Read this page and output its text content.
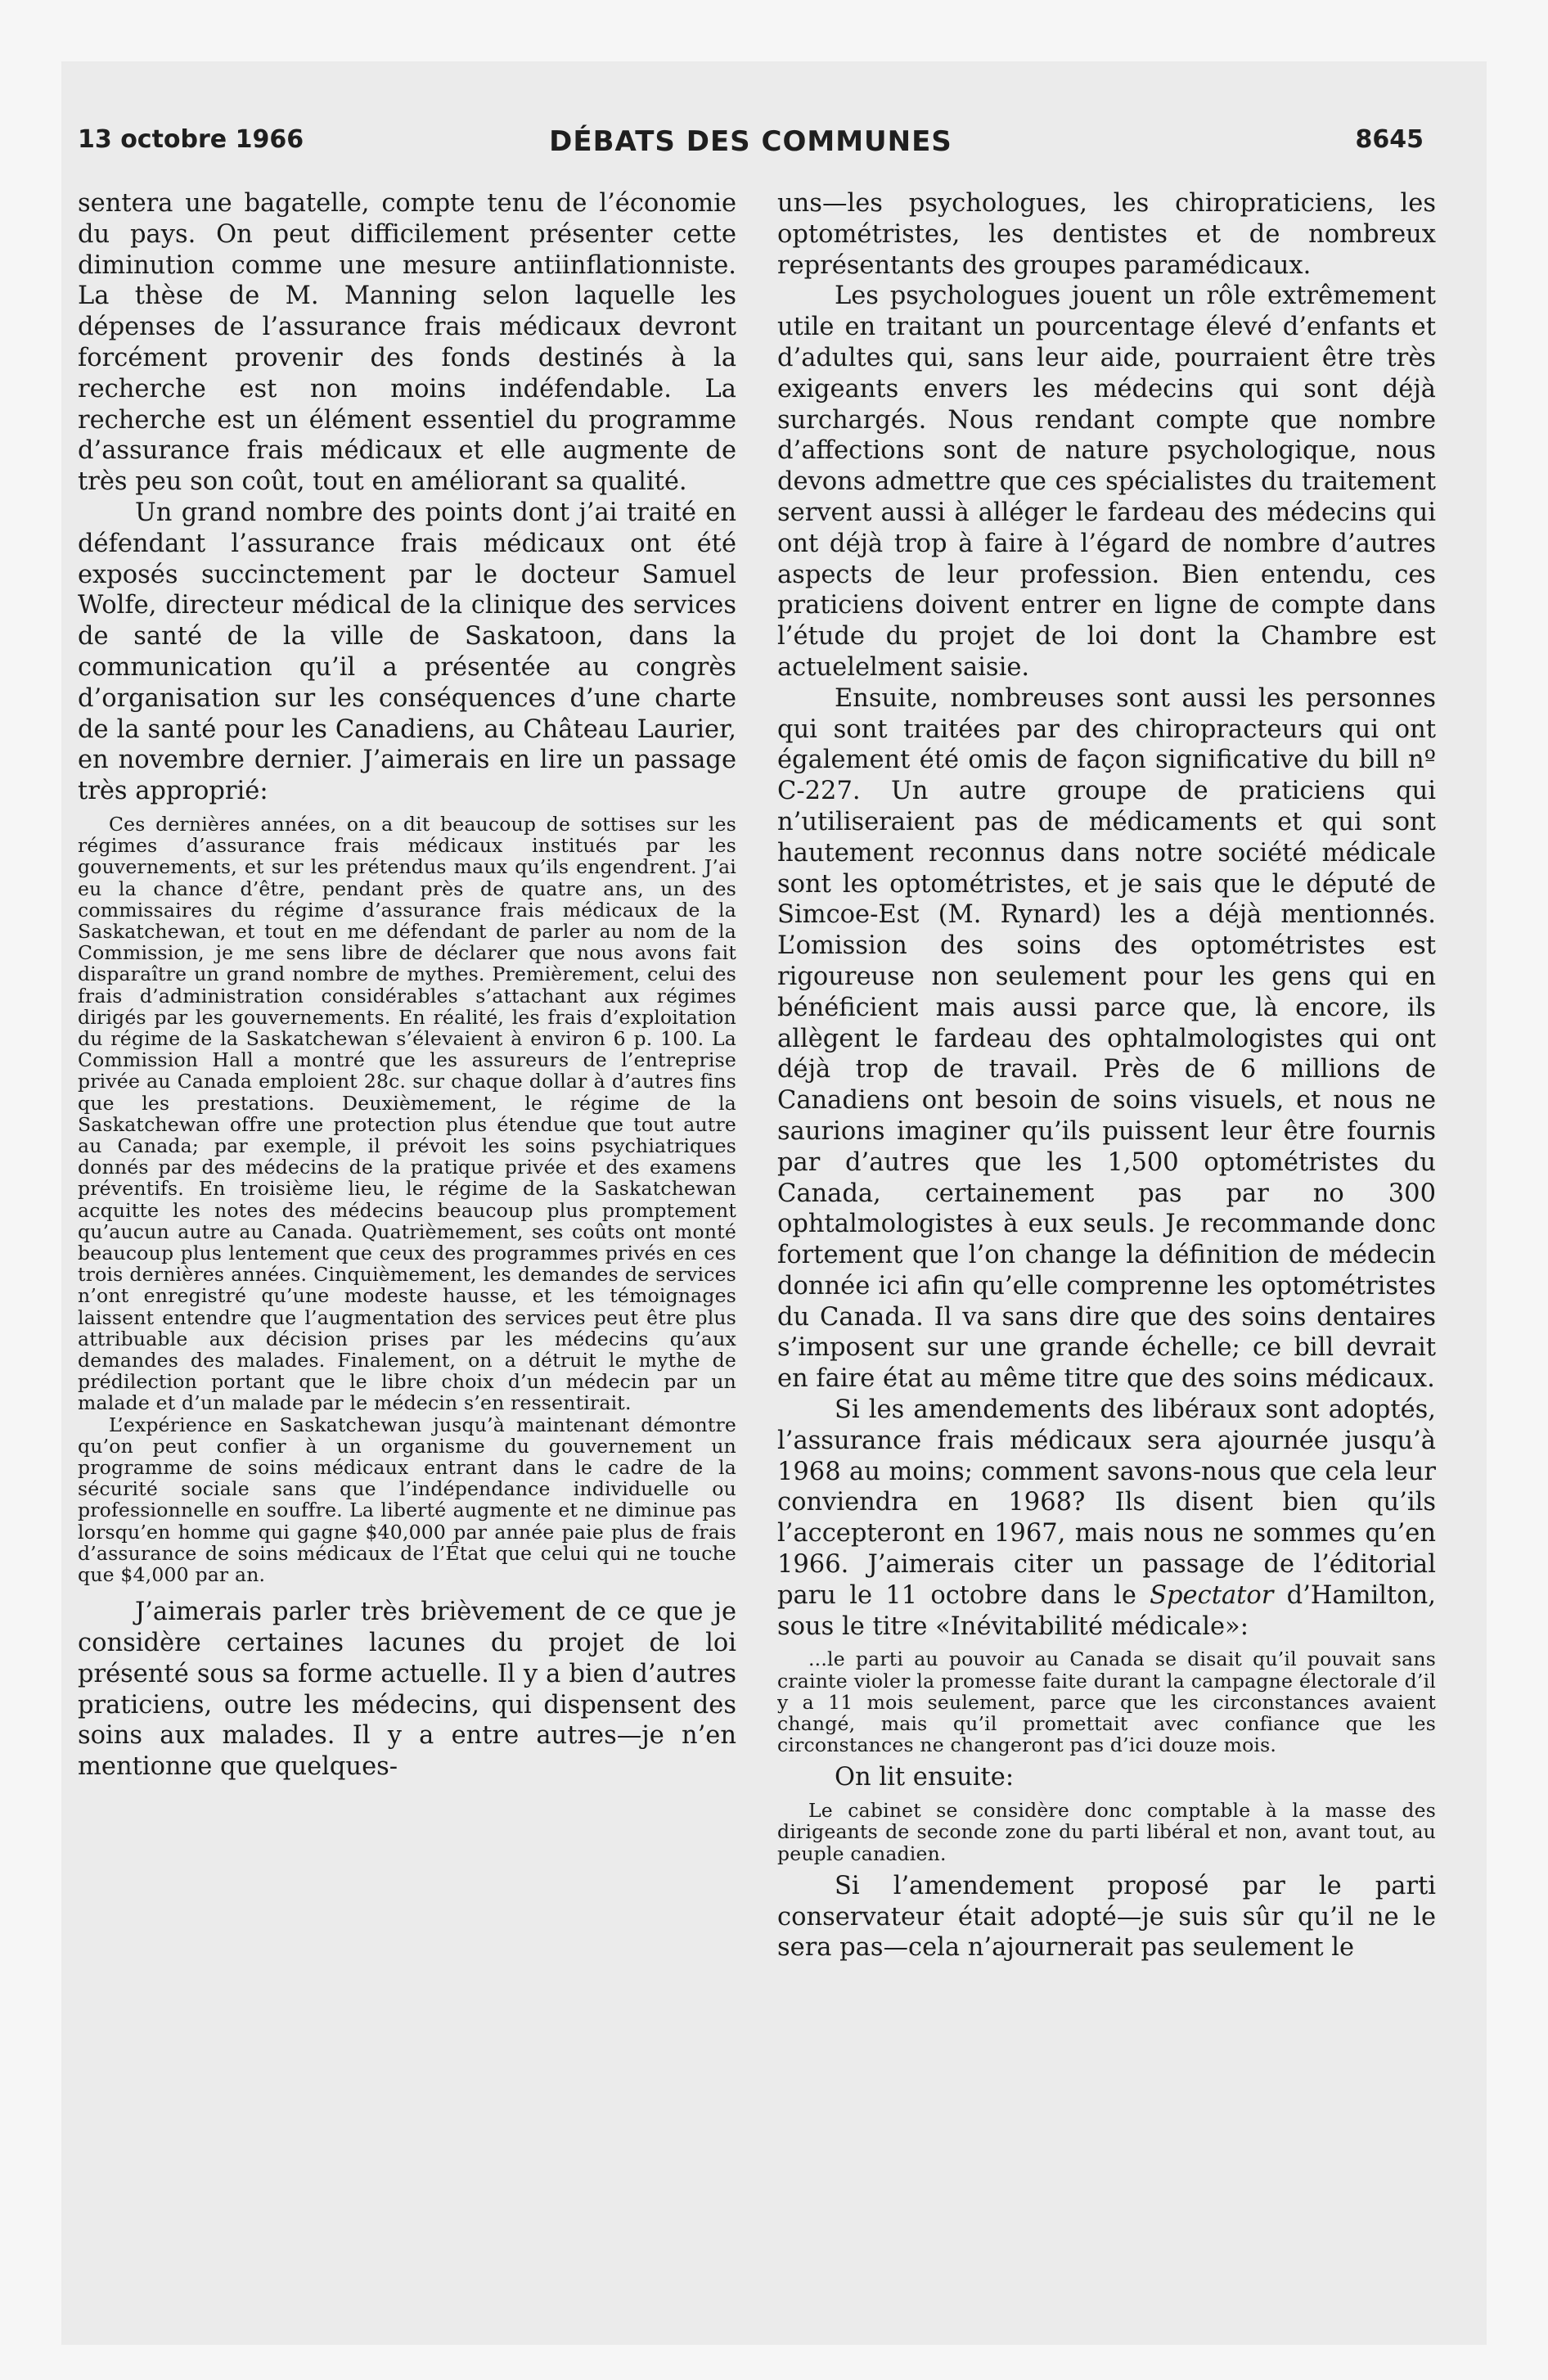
13 octobre 1966	DÉBATS DES COMMUNES	8645

sentera une bagatelle, compte tenu de l’économie du pays. On peut difficilement présenter cette diminution comme une mesure antiinflationniste. La thèse de M. Manning selon laquelle les dépenses de l’assurance frais médicaux devront forcément provenir des fonds destinés à la recherche est non moins indéfendable. La recherche est un élément essentiel du programme d’assurance frais médicaux et elle augmente de très peu son coût, tout en améliorant sa qualité.

Un grand nombre des points dont j’ai traité en défendant l’assurance frais médicaux ont été exposés succinctement par le docteur Samuel Wolfe, directeur médical de la clinique des services de santé de la ville de Saskatoon, dans la communication qu’il a présentée au congrès d’organisation sur les conséquences d’une charte de la santé pour les Canadiens, au Château Laurier, en novembre dernier. J’aimerais en lire un passage très approprié:

Ces dernières années, on a dit beaucoup de sottises sur les régimes d’assurance frais médicaux institués par les gouvernements, et sur les prétendus maux qu’ils engendrent. J’ai eu la chance d’être, pendant près de quatre ans, un des commissaires du régime d’assurance frais médicaux de la Saskatchewan, et tout en me défendant de parler au nom de la Commission, je me sens libre de déclarer que nous avons fait disparaître un grand nombre de mythes. Premièrement, celui des frais d’administration considérables s’attachant aux régimes dirigés par les gouvernements. En réalité, les frais d’exploitation du régime de la Saskatchewan s’élevaient à environ 6 p. 100. La Commission Hall a montré que les assureurs de l’entreprise privée au Canada emploient 28c. sur chaque dollar à d’autres fins que les prestations. Deuxièmement, le régime de la Saskatchewan offre une protection plus étendue que tout autre au Canada; par exemple, il prévoit les soins psychiatriques donnés par des médecins de la pratique privée et des examens préventifs. En troisième lieu, le régime de la Saskatchewan acquitte les notes des médecins beaucoup plus promptement qu’aucun autre au Canada. Quatrièmement, ses coûts ont monté beaucoup plus lentement que ceux des programmes privés en ces trois dernières années. Cinquièmement, les demandes de services n’ont enregistré qu’une modeste hausse, et les témoignages laissent entendre que l’augmentation des services peut être plus attribuable aux décision prises par les médecins qu’aux demandes des malades. Finalement, on a détruit le mythe de prédilection portant que le libre choix d’un médecin par un malade et d’un malade par le médecin s’en ressentirait.

L’expérience en Saskatchewan jusqu’à maintenant démontre qu’on peut confier à un organisme du gouvernement un programme de soins médicaux entrant dans le cadre de la sécurité sociale sans que l’indépendance individuelle ou professionnelle en souffre. La liberté augmente et ne diminue pas lorsqu’en homme qui gagne $40,000 par année paie plus de frais d’assurance de soins médicaux de l’État que celui qui ne touche que $4,000 par an.

J’aimerais parler très brièvement de ce que je considère certaines lacunes du projet de loi présenté sous sa forme actuelle. Il y a bien d’autres praticiens, outre les médecins, qui dispensent des soins aux malades. Il y a entre autres—je n’en mentionne que quelques-

uns—les psychologues, les chiropraticiens, les optométristes, les dentistes et de nombreux représentants des groupes paramédicaux.

Les psychologues jouent un rôle extrêmement utile en traitant un pourcentage élevé d’enfants et d’adultes qui, sans leur aide, pourraient être très exigeants envers les médecins qui sont déjà surchargés. Nous rendant compte que nombre d’affections sont de nature psychologique, nous devons admettre que ces spécialistes du traitement servent aussi à alléger le fardeau des médecins qui ont déjà trop à faire à l’égard de nombre d’autres aspects de leur profession. Bien entendu, ces praticiens doivent entrer en ligne de compte dans l’étude du projet de loi dont la Chambre est actuelelment saisie.

Ensuite, nombreuses sont aussi les personnes qui sont traitées par des chiropracteurs qui ont également été omis de façon significative du bill nº C-227. Un autre groupe de praticiens qui n’utiliseraient pas de médicaments et qui sont hautement reconnus dans notre société médicale sont les optométristes, et je sais que le député de Simcoe-Est (M. Rynard) les a déjà mentionnés. L’omission des soins des optométristes est rigoureuse non seulement pour les gens qui en bénéficient mais aussi parce que, là encore, ils allègent le fardeau des ophtalmologistes qui ont déjà trop de travail. Près de 6 millions de Canadiens ont besoin de soins visuels, et nous ne saurions imaginer qu’ils puissent leur être fournis par d’autres que les 1,500 optométristes du Canada, certainement pas par no 300 ophtalmologistes à eux seuls. Je recommande donc fortement que l’on change la définition de médecin donnée ici afin qu’elle comprenne les optométristes du Canada. Il va sans dire que des soins dentaires s’imposent sur une grande échelle; ce bill devrait en faire état au même titre que des soins médicaux.

Si les amendements des libéraux sont adoptés, l’assurance frais médicaux sera ajournée jusqu’à 1968 au moins; comment savons-nous que cela leur conviendra en 1968? Ils disent bien qu’ils l’accepteront en 1967, mais nous ne sommes qu’en 1966. J’aimerais citer un passage de l’éditorial paru le 11 octobre dans le Spectator d’Hamilton, sous le titre «Inévitabilité médicale»:

...le parti au pouvoir au Canada se disait qu’il pouvait sans crainte violer la promesse faite durant la campagne électorale d’il y a 11 mois seulement, parce que les circonstances avaient changé, mais qu’il promettait avec confiance que les circonstances ne changeront pas d’ici douze mois.

On lit ensuite:

Le cabinet se considère donc comptable à la masse des dirigeants de seconde zone du parti libéral et non, avant tout, au peuple canadien.

Si l’amendement proposé par le parti conservateur était adopté—je suis sûr qu’il ne le sera pas—cela n’ajournerait pas seulement le
